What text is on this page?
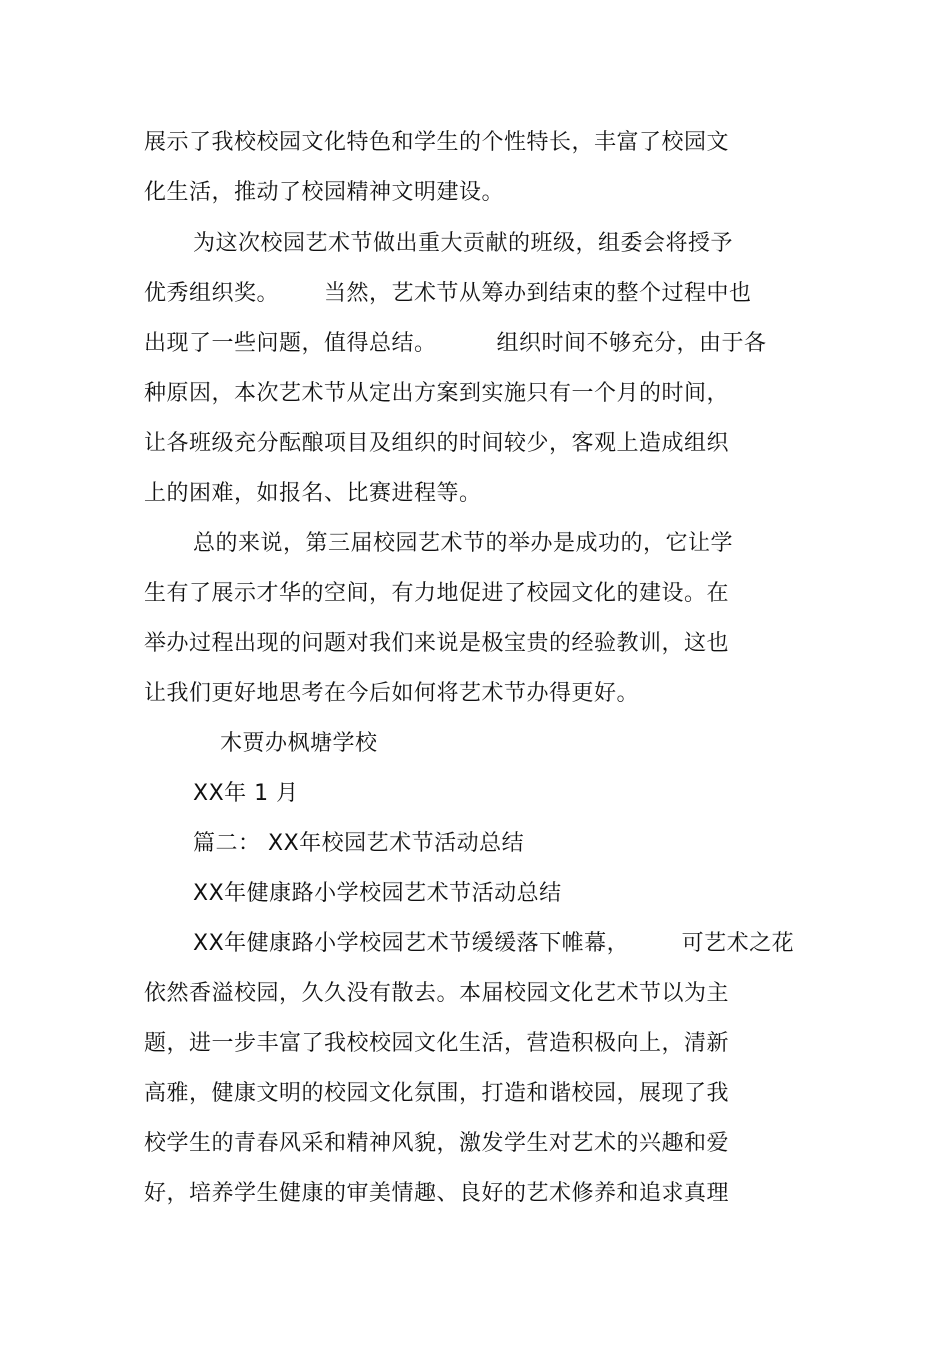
展示了我校校园文化特色和学生的个性特长，丰富了校园文
化生活，推动了校园精神文明建设。
为这次校园艺术节做出重大贡献的班级，组委会将授予
优秀组织奖。      当然，艺术节从筹办到结束的整个过程中也
出现了一些问题，值得总结。        组织时间不够充分，由于各
种原因，本次艺术节从定出方案到实施只有一个月的时间，
让各班级充分酝酿项目及组织的时间较少，客观上造成组织
上的困难，如报名、比赛进程等。
总的来说，第三届校园艺术节的举办是成功的，它让学
生有了展示才华的空间，有力地促进了校园文化的建设。在
举办过程出现的问题对我们来说是极宝贵的经验教训，这也
让我们更好地思考在今后如何将艺术节办得更好。
木贾办枫塘学校
XX年 1 月
篇二： XX年校园艺术节活动总结
XX年健康路小学校园艺术节活动总结
XX年健康路小学校园艺术节缓缓落下帷幕，       可艺术之花
依然香溢校园，久久没有散去。本届校园文化艺术节以为主
题，进一步丰富了我校校园文化生活，营造积极向上，清新
高雅，健康文明的校园文化氛围，打造和谐校园，展现了我
校学生的青春风采和精神风貌，激发学生对艺术的兴趣和爱
好，培养学生健康的审美情趣、良好的艺术修养和追求真理
